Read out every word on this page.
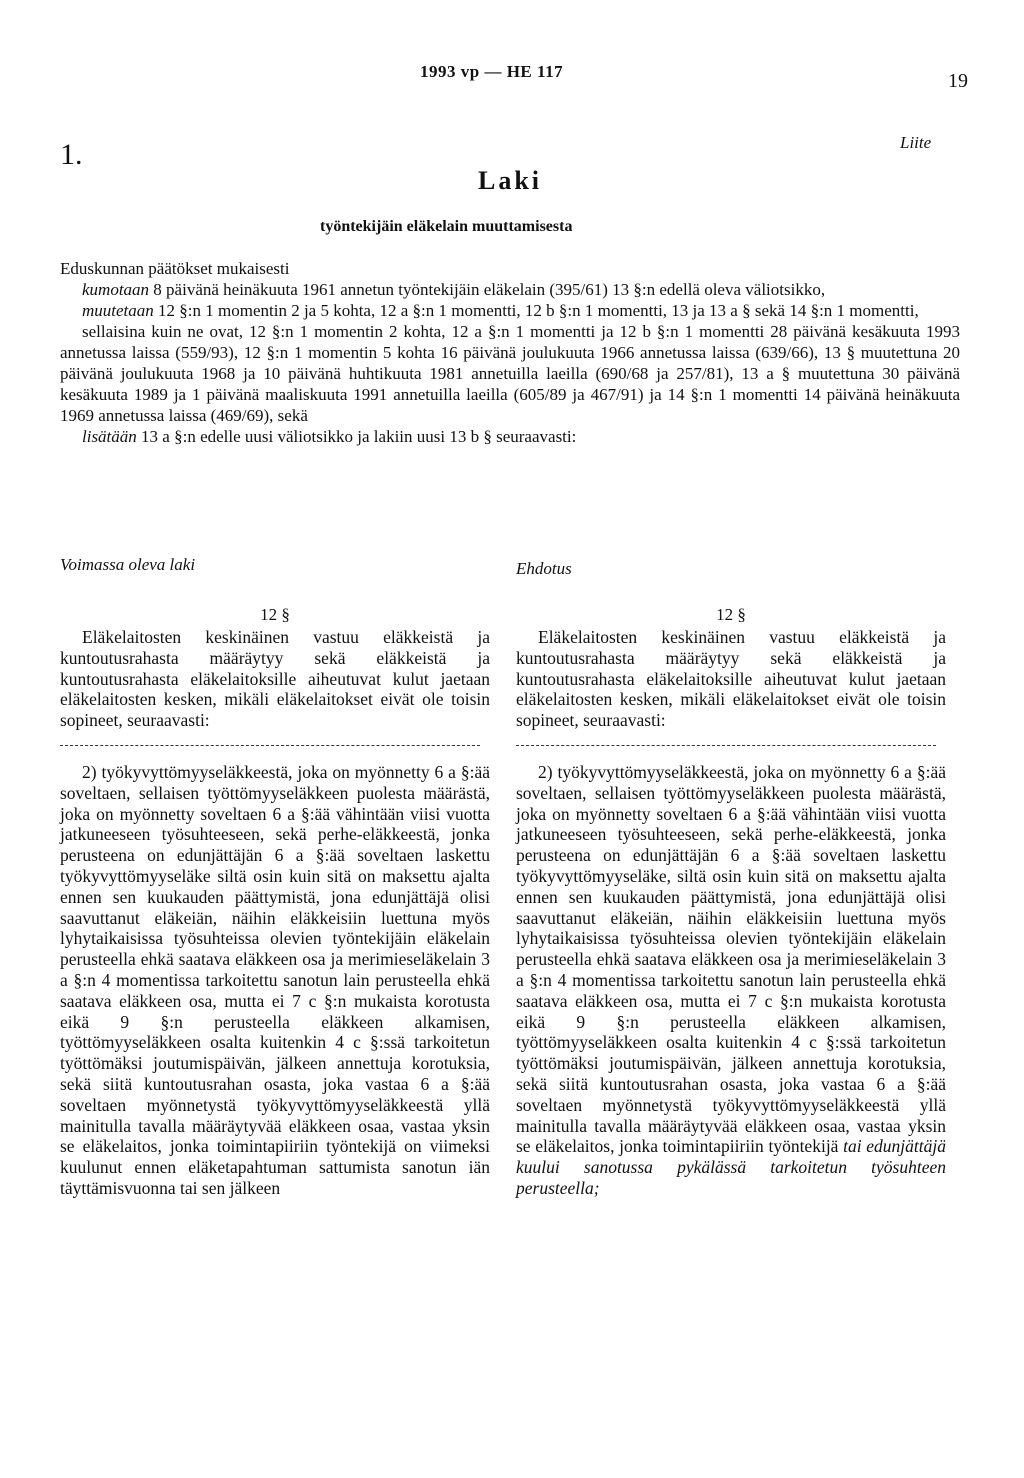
1993 vp — HE 117	19
1.	Liite
Laki
työntekijäin eläkelain muuttamisesta

Eduskunnan päätökset mukaisesti

kumotaan 8 päivänä heinäkuuta 1961 annetun työntekijäin eläkelain (395/61) 13 §:n edellä oleva väliotsikko,

muutetaan 12 §:n 1 momentin 2 ja 5 kohta, 12 a §:n 1 momentti, 12 b §:n 1 momentti, 13 ja 13 a § sekä 14 §:n 1 momentti,

sellaisina kuin ne ovat, 12 §:n 1 momentin 2 kohta, 12 a §:n 1 momentti ja 12 b §:n 1 momentti 28 päivänä kesäkuuta 1993 annetussa laissa (559/93), 12 §:n 1 momentin 5 kohta 16 päivänä joulukuuta 1966 annetussa laissa (639/66), 13 § muutettuna 20 päivänä joulukuuta 1968 ja 10 päivänä huhtikuuta 1981 annetuilla laeilla (690/68 ja 257/81), 13 a § muutettuna 30 päivänä kesäkuuta 1989 ja 1 päivänä maaliskuuta 1991 annetuilla laeilla (605/89 ja 467/91) ja 14 §:n 1 momentti 14 päivänä heinäkuuta 1969 annetussa laissa (469/69), sekä

lisätään 13 a §:n edelle uusi väliotsikko ja lakiin uusi 13 b § seuraavasti:

Voimassa oleva laki
12 §
Eläkelaitosten keskinäinen vastuu eläkkeistä ja kuntoutusrahasta määräytyy sekä eläkkeistä ja kuntoutusrahasta eläkelaitoksille aiheutuvat kulut jaetaan eläkelaitosten kesken, mikäli eläkelaitokset eivät ole toisin sopineet, seuraavasti:
2) työkyvyttömyyseläkkeestä, joka on myönnetty 6 a §:ää soveltaen, sellaisen työttömyyseläkkeen puolesta määrästä, joka on myönnetty soveltaen 6 a §:ää vähintään viisi vuotta jatkuneeseen työsuhteeseen, sekä perhe-eläkkeestä, jonka perusteena on edunjättäjän 6 a §:ää soveltaen laskettu työkyvyttömyyseläke siltä osin kuin sitä on maksettu ajalta ennen sen kuukauden päättymistä, jona edunjättäjä olisi saavuttanut eläkeiän, näihin eläkkeisiin luettuna myös lyhytaikaisissa työsuhteissa olevien työntekijäin eläkelain perusteella ehkä saatava eläkkeen osa ja merimieseläkelain 3 a §:n 4 momentissa tarkoitettu sanotun lain perusteella ehkä saatava eläkkeen osa, mutta ei 7 c §:n mukaista korotusta eikä 9 §:n perusteella eläkkeen alkamisen, työttömyyseläkkeen osalta kuitenkin 4 c §:ssä tarkoitetun työttömäksi joutumispäivän, jälkeen annettuja korotuksia, sekä siitä kuntoutusrahan osasta, joka vastaa 6 a §:ää soveltaen myönnetystä työkyvyttömyyseläkkeestä yllä mainitulla tavalla määräytyvää eläkkeen osaa, vastaa yksin se eläkelaitos, jonka toimintapiiriin työntekijä on viimeksi kuulunut ennen eläketapahtuman sattumista sanotun iän täyttämisvuonna tai sen jälkeen
Ehdotus
12 §
Eläkelaitosten keskinäinen vastuu eläkkeistä ja kuntoutusrahasta määräytyy sekä eläkkeistä ja kuntoutusrahasta eläkelaitoksille aiheutuvat kulut jaetaan eläkelaitosten kesken, mikäli eläkelaitokset eivät ole toisin sopineet, seuraavasti:
2) työkyvyttömyyseläkkeestä, joka on myönnetty 6 a §:ää soveltaen, sellaisen työttömyyseläkkeen puolesta määrästä, joka on myönnetty soveltaen 6 a §:ää vähintään viisi vuotta jatkuneeseen työsuhteeseen, sekä perhe-eläkkeestä, jonka perusteena on edunjättäjän 6 a §:ää soveltaen laskettu työkyvyttömyyseläke, siltä osin kuin sitä on maksettu ajalta ennen sen kuukauden päättymistä, jona edunjättäjä olisi saavuttanut eläkeiän, näihin eläkkeisiin luettuna myös lyhytaikaisissa työsuhteissa olevien työntekijäin eläkelain perusteella ehkä saatava eläkkeen osa ja merimieseläkelain 3 a §:n 4 momentissa tarkoitettu sanotun lain perusteella ehkä saatava eläkkeen osa, mutta ei 7 c §:n mukaista korotusta eikä 9 §:n perusteella eläkkeen alkamisen, työttömyyseläkkeen osalta kuitenkin 4 c §:ssä tarkoitetun työttömäksi joutumispäivän, jälkeen annettuja korotuksia, sekä siitä kuntoutusrahan osasta, joka vastaa 6 a §:ää soveltaen myönnetystä työkyvyttömyyseläkkeestä yllä mainitulla tavalla määräytyvää eläkkeen osaa, vastaa yksin se eläkelaitos, jonka toimintapiiriin työntekijä tai edunjättäjä kuului sanotussa pykälässä tarkoitetun työsuhteen perusteella;
